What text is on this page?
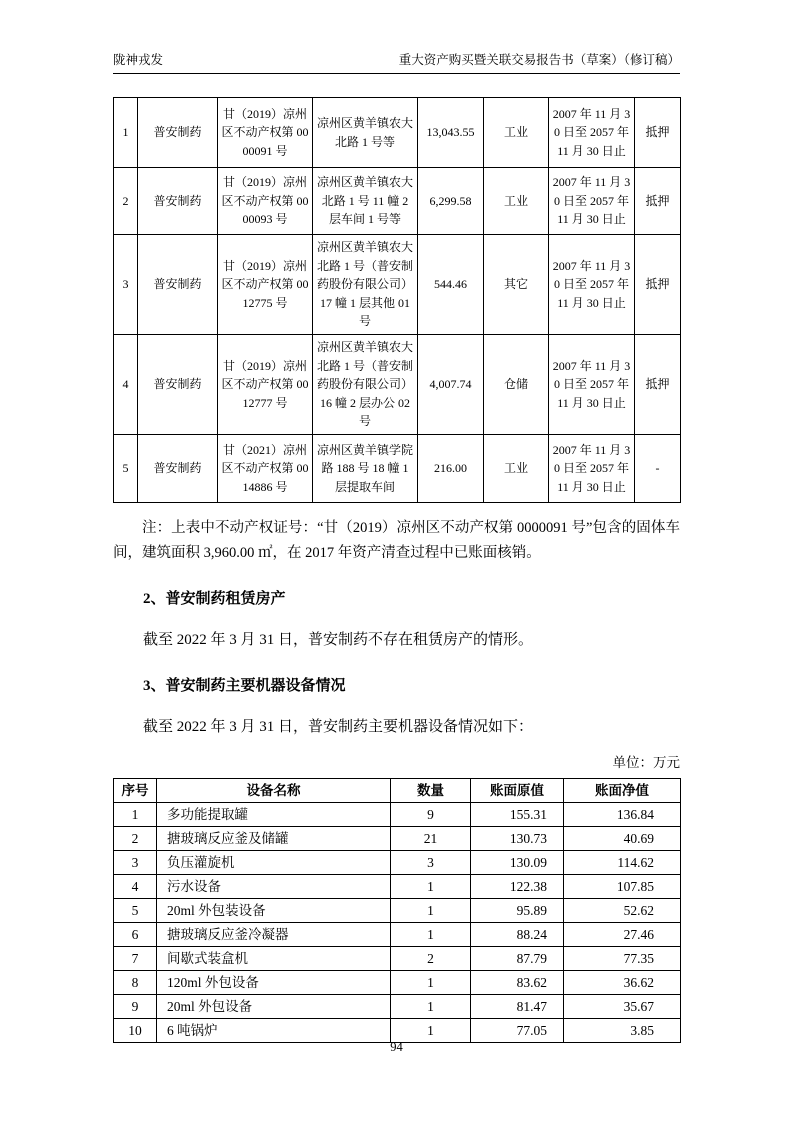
陇神戎发	重大资产购买暨关联交易报告书（草案）（修订稿）
1	普安制药	甘（2019）凉州区不动产权第 0000091 号	凉州区黄羊镇农大北路 1 号等	13,043.55	工业	2007 年 11 月 30 日至 2057 年 11 月 30 日止	抵押
2	普安制药	甘（2019）凉州区不动产权第 0000093 号	凉州区黄羊镇农大北路 1 号 11 幢 2 层车间 1 号等	6,299.58	工业	2007 年 11 月 30 日至 2057 年 11 月 30 日止	抵押
3	普安制药	甘（2019）凉州区不动产权第 0012775 号	凉州区黄羊镇农大北路 1 号（普安制药股份有限公司）17 幢 1 层其他 01 号	544.46	其它	2007 年 11 月 30 日至 2057 年 11 月 30 日止	抵押
4	普安制药	甘（2019）凉州区不动产权第 0012777 号	凉州区黄羊镇农大北路 1 号（普安制药股份有限公司）16 幢 2 层办公 02 号	4,007.74	仓储	2007 年 11 月 30 日至 2057 年 11 月 30 日止	抵押
5	普安制药	甘（2021）凉州区不动产权第 0014886 号	凉州区黄羊镇学院路 188 号 18 幢 1 层提取车间	216.00	工业	2007 年 11 月 30 日至 2057 年 11 月 30 日止	-

注：上表中不动产权证号：“甘（2019）凉州区不动产权第 0000091 号”包含的固体车间，建筑面积 3,960.00 ㎡，在 2017 年资产清查过程中已账面核销。

2、普安制药租赁房产

截至 2022 年 3 月 31 日，普安制药不存在租赁房产的情形。

3、普安制药主要机器设备情况

截至 2022 年 3 月 31 日，普安制药主要机器设备情况如下：

单位：万元

序号	设备名称	数量	账面原值	账面净值
1	多功能提取罐	9	155.31	136.84
2	搪玻璃反应釜及储罐	21	130.73	40.69
3	负压灌旋机	3	130.09	114.62
4	污水设备	1	122.38	107.85
5	20ml 外包装设备	1	95.89	52.62
6	搪玻璃反应釜冷凝器	1	88.24	27.46
7	间歇式装盒机	2	87.79	77.35
8	120ml 外包设备	1	83.62	36.62
9	20ml 外包设备	1	81.47	35.67
10	6 吨锅炉	1	77.05	3.85
94
